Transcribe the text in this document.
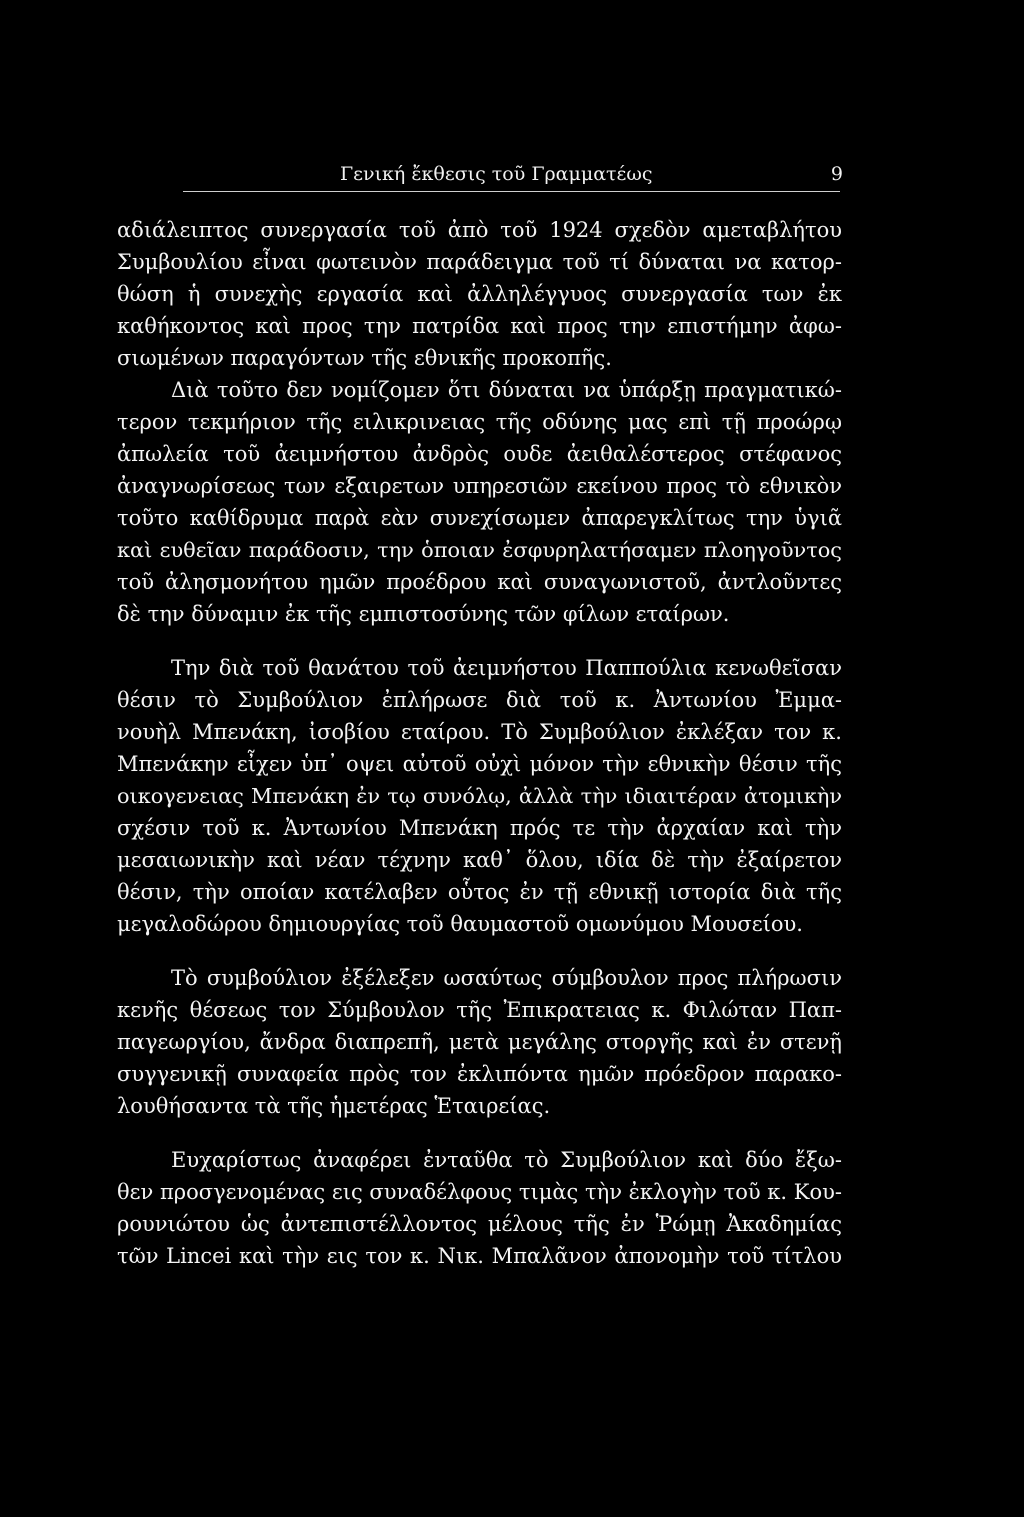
Γενική ἔκθεσις τοῦ Γραμματέως	9
αδιάλειπτος συνεργασία τοῦ ἀπὸ τοῦ 1924 σχεδὸν αμεταβλήτου
Συμβουλίου εἶναι φωτεινὸν παράδειγμα τοῦ τί δύναται να κατορ-
θώση ἡ συνεχὴς εργασία καὶ ἀλληλέγγυος συνεργασία των ἐκ
καθήκοντος καὶ προς την πατρίδα καὶ προς την επιστήμην ἀφω-
σιωμένων παραγόντων τῆς εθνικῆς προκοπῆς.
Διὰ τοῦτο δεν νομίζομεν ὅτι δύναται να ὑπάρξῃ πραγματικώ-
τερον τεκμήριον τῆς ειλικρινειας τῆς οδύνης μας επὶ τῇ προώρῳ
ἀπωλεία τοῦ ἀειμνήστου ἀνδρὸς ουδε ἀειθαλέστερος στέφανος
ἀναγνωρίσεως των εξαιρετων υπηρεσιῶν εκείνου προς τὸ εθνικὸν
τοῦτο καθίδρυμα παρὰ εὰν συνεχίσωμεν ἀπαρεγκλίτως την ὑγιᾶ
καὶ ευθεῖαν παράδοσιν, την ὁποιαν ἐσφυρηλατήσαμεν πλοηγοῦντος
τοῦ ἀλησμονήτου ημῶν προέδρου καὶ συναγωνιστοῦ, ἀντλοῦντες
δὲ την δύναμιν ἐκ τῆς εμπιστοσύνης τῶν φίλων εταίρων.
Την διὰ τοῦ θανάτου τοῦ ἀειμνήστου Παππούλια κενωθεῖσαν
θέσιν τὸ Συμβούλιον ἐπλήρωσε διὰ τοῦ κ. Ἀντωνίου Ἐμμα-
νουὴλ Μπενάκη, ἰσοβίου εταίρου. Τὸ Συμβούλιον ἐκλέξαν τον κ.
Μπενάκην εἶχεν ὑπ᾽ οψει αὐτοῦ οὐχὶ μόνον τὴν εθνικὴν θέσιν τῆς
οικογενειας Μπενάκη ἐν τῳ συνόλῳ, ἀλλὰ τὴν ιδιαιτέραν ἀτομικὴν
σχέσιν τοῦ κ. Ἀντωνίου Μπενάκη πρός τε τὴν ἀρχαίαν καὶ τὴν
μεσαιωνικὴν καὶ νέαν τέχνην καθ᾽ ὅλου, ιδία δὲ τὴν ἐξαίρετον
θέσιν, τὴν οποίαν κατέλαβεν οὗτος ἐν τῇ εθνικῇ ιστορία διὰ τῆς
μεγαλοδώρου δημιουργίας τοῦ θαυμαστοῦ ομωνύμου Μουσείου.
Τὸ συμβούλιον ἐξέλεξεν ωσαύτως σύμβουλον προς πλήρωσιν
κενῆς θέσεως τον Σύμβουλον τῆς Ἐπικρατειας κ. Φιλώταν Παπ-
παγεωργίου, ἄνδρα διαπρεπῆ, μετὰ μεγάλης στοργῆς καὶ ἐν στενῇ
συγγενικῇ συναφεία πρὸς τον ἐκλιπόντα ημῶν πρόεδρον παρακο-
λουθήσαντα τὰ τῆς ἡμετέρας Ἑταιρείας.
Ευχαρίστως ἀναφέρει ἐνταῦθα τὸ Συμβούλιον καὶ δύο ἔξω-
θεν προσγενομένας εις συναδέλφους τιμὰς τὴν ἐκλογὴν τοῦ κ. Κου-
ρουνιώτου ὡς ἀντεπιστέλλοντος μέλους τῆς ἐν Ῥώμῃ Ἀκαδημίας
τῶν Lincei καὶ τὴν εις τον κ. Νικ. Μπαλᾶνον ἀπονομὴν τοῦ τίτλου
